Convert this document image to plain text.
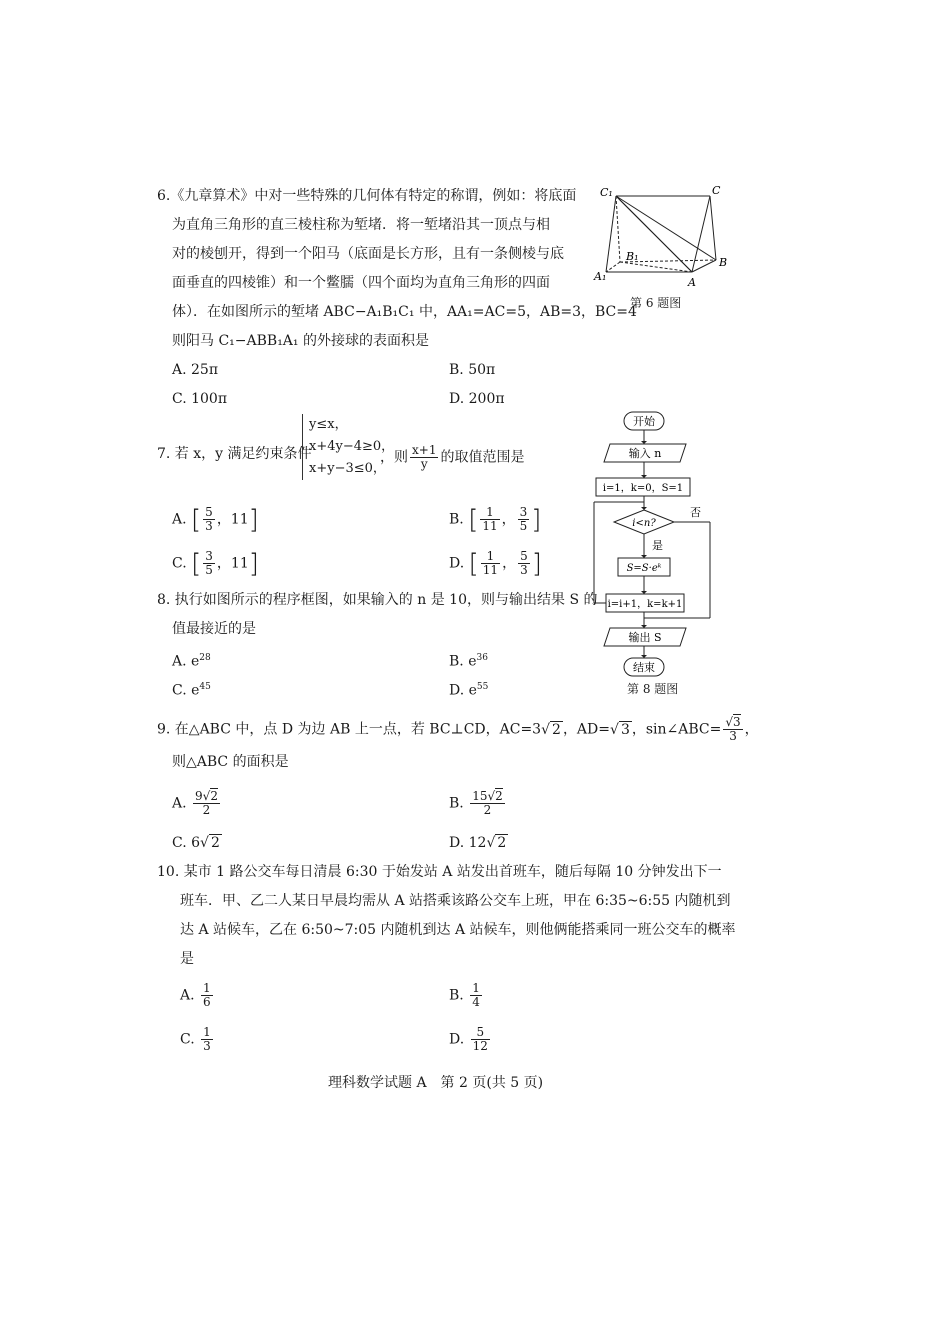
6.《九章算术》中对一些特殊的几何体有特定的称谓，例如：将底面
为直角三角形的直三棱柱称为堑堵．将一堑堵沿其一顶点与相
对的棱刨开，得到一个阳马（底面是长方形，且有一条侧棱与底
面垂直的四棱锥）和一个鳖臑（四个面均为直角三角形的四面
体）．在如图所示的堑堵 ABC−A₁B₁C₁ 中，AA₁=AC=5，AB=3，BC=4
则阳马 C₁−ABB₁A₁ 的外接球的表面积是
A. 25π	B. 50π
C. 100π	D. 200π
C₁	C
B₁	B
A₁	A
第 6 题图
7. 若 x，y 满足约束条件
y≤x，
x+4y−4≥0，
x+y−3≤0，
，则 $\frac{x+1}{y}$ 的取值范围是
A. [ $\frac{5}{3}$ ，11]	B. [ $\frac{1}{11}$ ， $\frac{3}{5}$ ]
C. [ $\frac{3}{5}$ ，11]	D. [ $\frac{1}{11}$ ， $\frac{5}{3}$ ]
开始
输入 n
i=1，k=0，S=1
i<n?
是
否
S=S·eᵏ
i=i+1，k=k+1
输出 S
结束
第 8 题图
8. 执行如图所示的程序框图，如果输入的 n 是 10，则与输出结果 S 的
值最接近的是
A. $e^{28}$	B. $e^{36}$
C. $e^{45}$	D. $e^{55}$
9. 在△ABC 中，点 D 为边 AB 上一点，若 BC⊥CD，AC=3√ 2 ，AD=√ 3 ，sin∠ABC= $\frac{√3}{3}$ ，
则△ABC 的面积是
A. $\frac{9√2}{2}$	B. $\frac{15√2}{2}$
C. 6√ 2	D. 12√ 2
10. 某市 1 路公交车每日清晨 6:30 于始发站 A 站发出首班车，随后每隔 10 分钟发出下一
班车．甲、乙二人某日早晨均需从 A 站搭乘该路公交车上班，甲在 6:35~6:55 内随机到
达 A 站候车，乙在 6:50~7:05 内随机到达 A 站候车，则他俩能搭乘同一班公交车的概率
是
A. $\frac{1}{6}$	B. $\frac{1}{4}$
C. $\frac{1}{3}$	D. $\frac{5}{12}$
理科数学试题 A　第 2 页(共 5 页)
